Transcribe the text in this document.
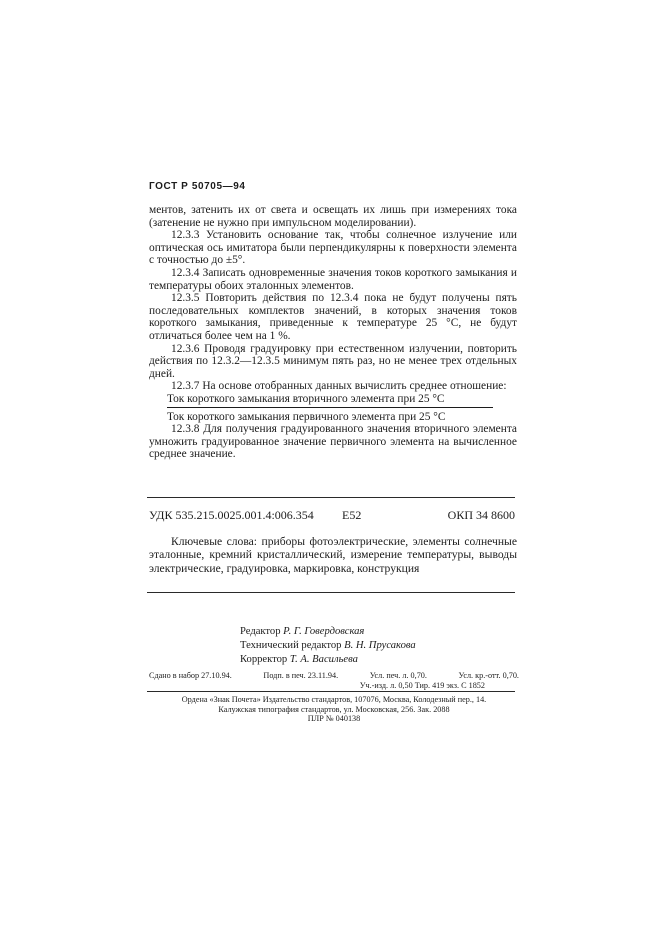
ГОСТ Р 50705—94

ментов, затенить их от света и освещать их лишь при измерениях тока (затенение не нужно при импульсном моделировании).

12.3.3 Установить основание так, чтобы солнечное излучение или оптическая ось имитатора были перпендикулярны к поверхности элемента с точностью до ±5°.

12.3.4 Записать одновременные значения токов короткого замыкания и температуры обоих эталонных элементов.

12.3.5 Повторить действия по 12.3.4 пока не будут получены пять последовательных комплектов значений, в которых значения токов короткого замыкания, приведенные к температуре 25 °С, не будут отличаться более чем на 1 %.

12.3.6 Проводя градуировку при естественном излучении, повторить действия по 12.3.2—12.3.5 минимум пять раз, но не менее трех отдельных дней.

12.3.7 На основе отобранных данных вычислить среднее отношение:

Ток короткого замыкания вторичного элемента при 25 °С
Ток короткого замыкания первичного элемента при 25 °С

12.3.8 Для получения градуированного значения вторичного элемента умножить градуированное значение первичного элемента на вычисленное среднее значение.

УДК 535.215.0025.001.4:006.354 Е52	ОКП 34 8600

Ключевые слова: приборы фотоэлектрические, элементы солнечные эталонные, кремний кристаллический, измерение температуры, выводы электрические, градуировка, маркировка, конструкция

Редактор Р. Г. Говердовская
Технический редактор В. Н. Прусакова
Корректор Т. А. Васильева
Сдано в набор 27.10.94.	Подп. в печ. 23.11.94.	Усл. печ. л. 0,70.	Усл. кр.-отт. 0,70.
Уч.-изд. л. 0,50 Тир. 419 экз. С 1852
Ордена «Знак Почета» Издательство стандартов, 107076, Москва, Колодезный пер., 14.
Калужская типография стандартов, ул. Московская, 256. Зак. 2088
ПЛР № 040138
